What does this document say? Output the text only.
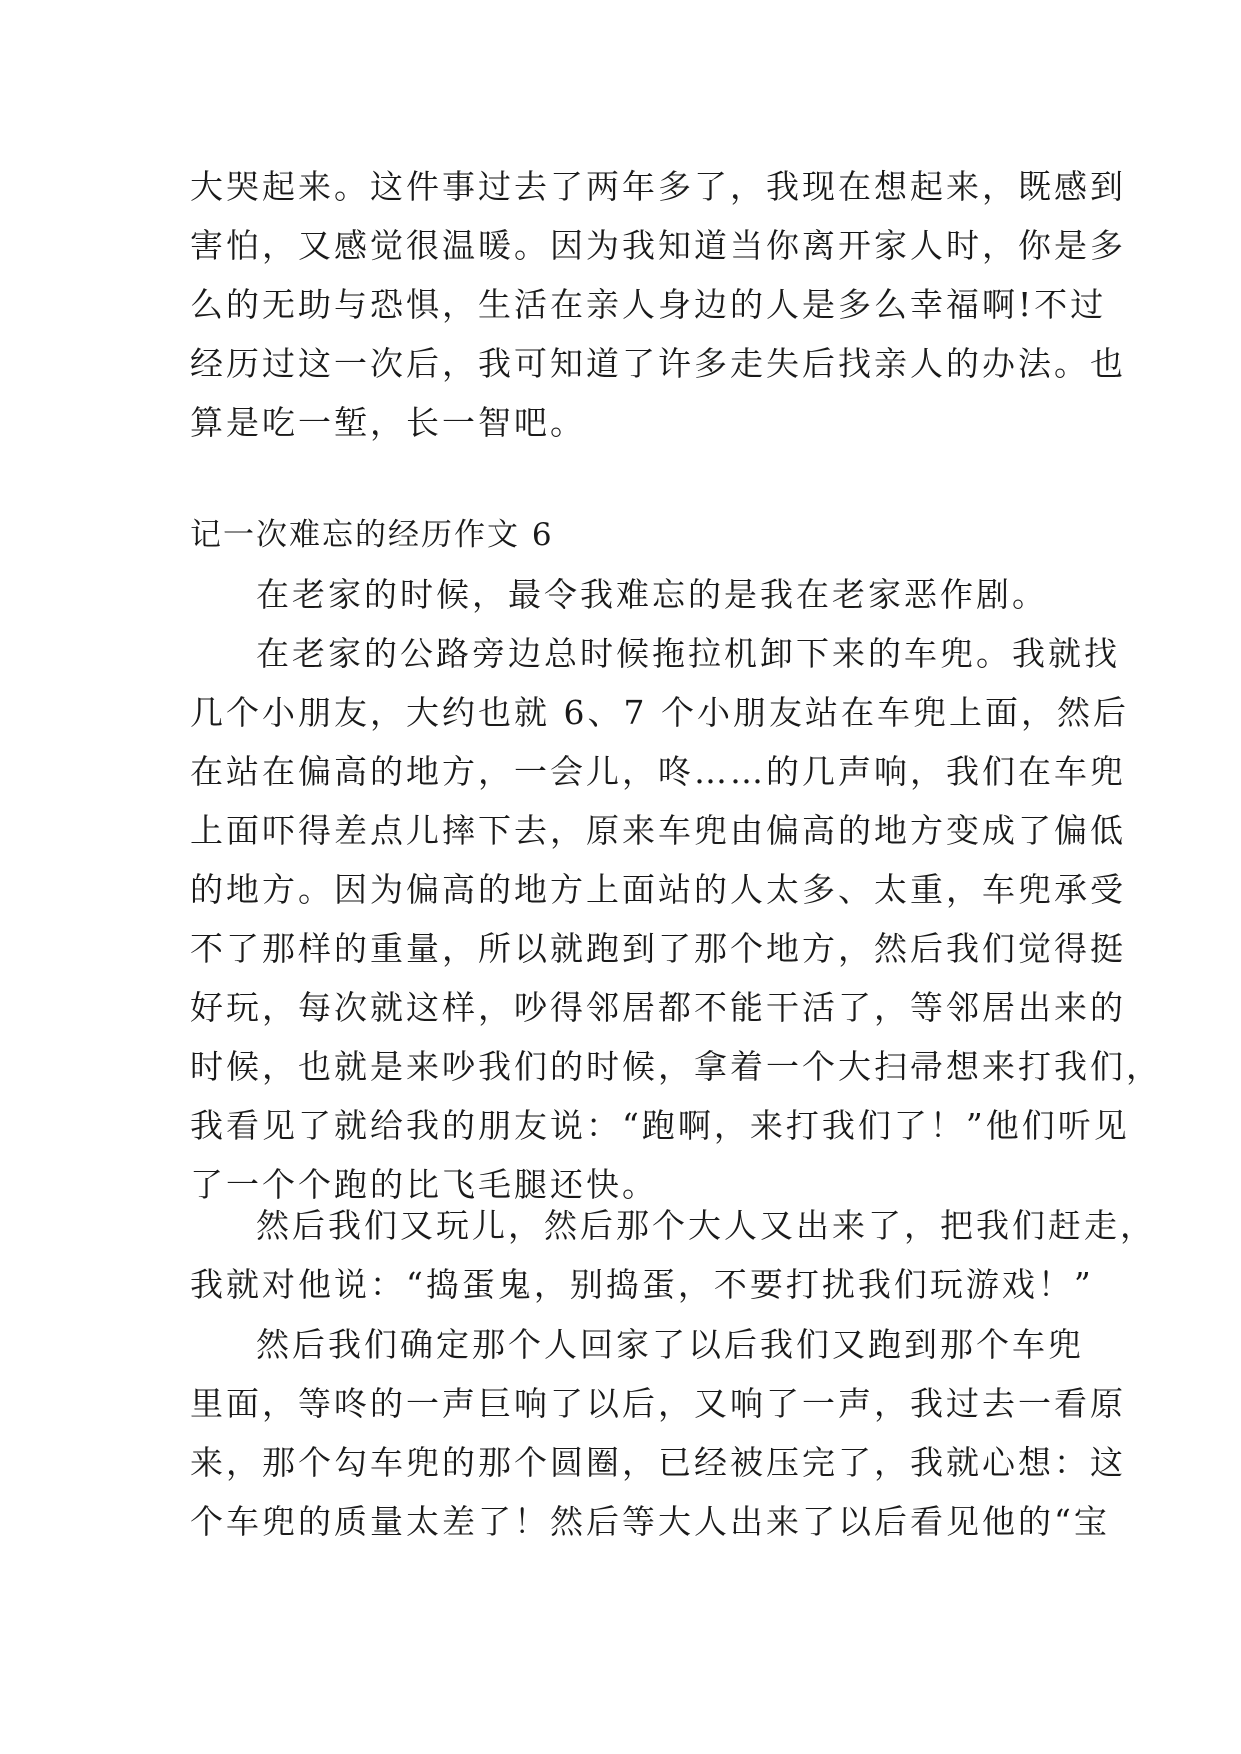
大哭起来。这件事过去了两年多了，我现在想起来，既感到
害怕，又感觉很温暖。因为我知道当你离开家人时，你是多
么的无助与恐惧，生活在亲人身边的人是多么幸福啊!不过
经历过这一次后，我可知道了许多走失后找亲人的办法。也
算是吃一堑，长一智吧。
记一次难忘的经历作文 6
在老家的时候，最令我难忘的是我在老家恶作剧。
在老家的公路旁边总时候拖拉机卸下来的车兜。我就找
几个小朋友，大约也就 6、7 个小朋友站在车兜上面，然后
在站在偏高的地方，一会儿，咚……的几声响，我们在车兜
上面吓得差点儿摔下去，原来车兜由偏高的地方变成了偏低
的地方。因为偏高的地方上面站的人太多、太重，车兜承受
不了那样的重量，所以就跑到了那个地方，然后我们觉得挺
好玩，每次就这样，吵得邻居都不能干活了，等邻居出来的
时候，也就是来吵我们的时候，拿着一个大扫帚想来打我们，
我看见了就给我的朋友说：“跑啊，来打我们了！”他们听见
了一个个跑的比飞毛腿还快。
然后我们又玩儿，然后那个大人又出来了，把我们赶走，
我就对他说：“捣蛋鬼，别捣蛋，不要打扰我们玩游戏！”
然后我们确定那个人回家了以后我们又跑到那个车兜
里面，等咚的一声巨响了以后，又响了一声，我过去一看原
来，那个勾车兜的那个圆圈，已经被压完了，我就心想：这
个车兜的质量太差了！然后等大人出来了以后看见他的“宝
